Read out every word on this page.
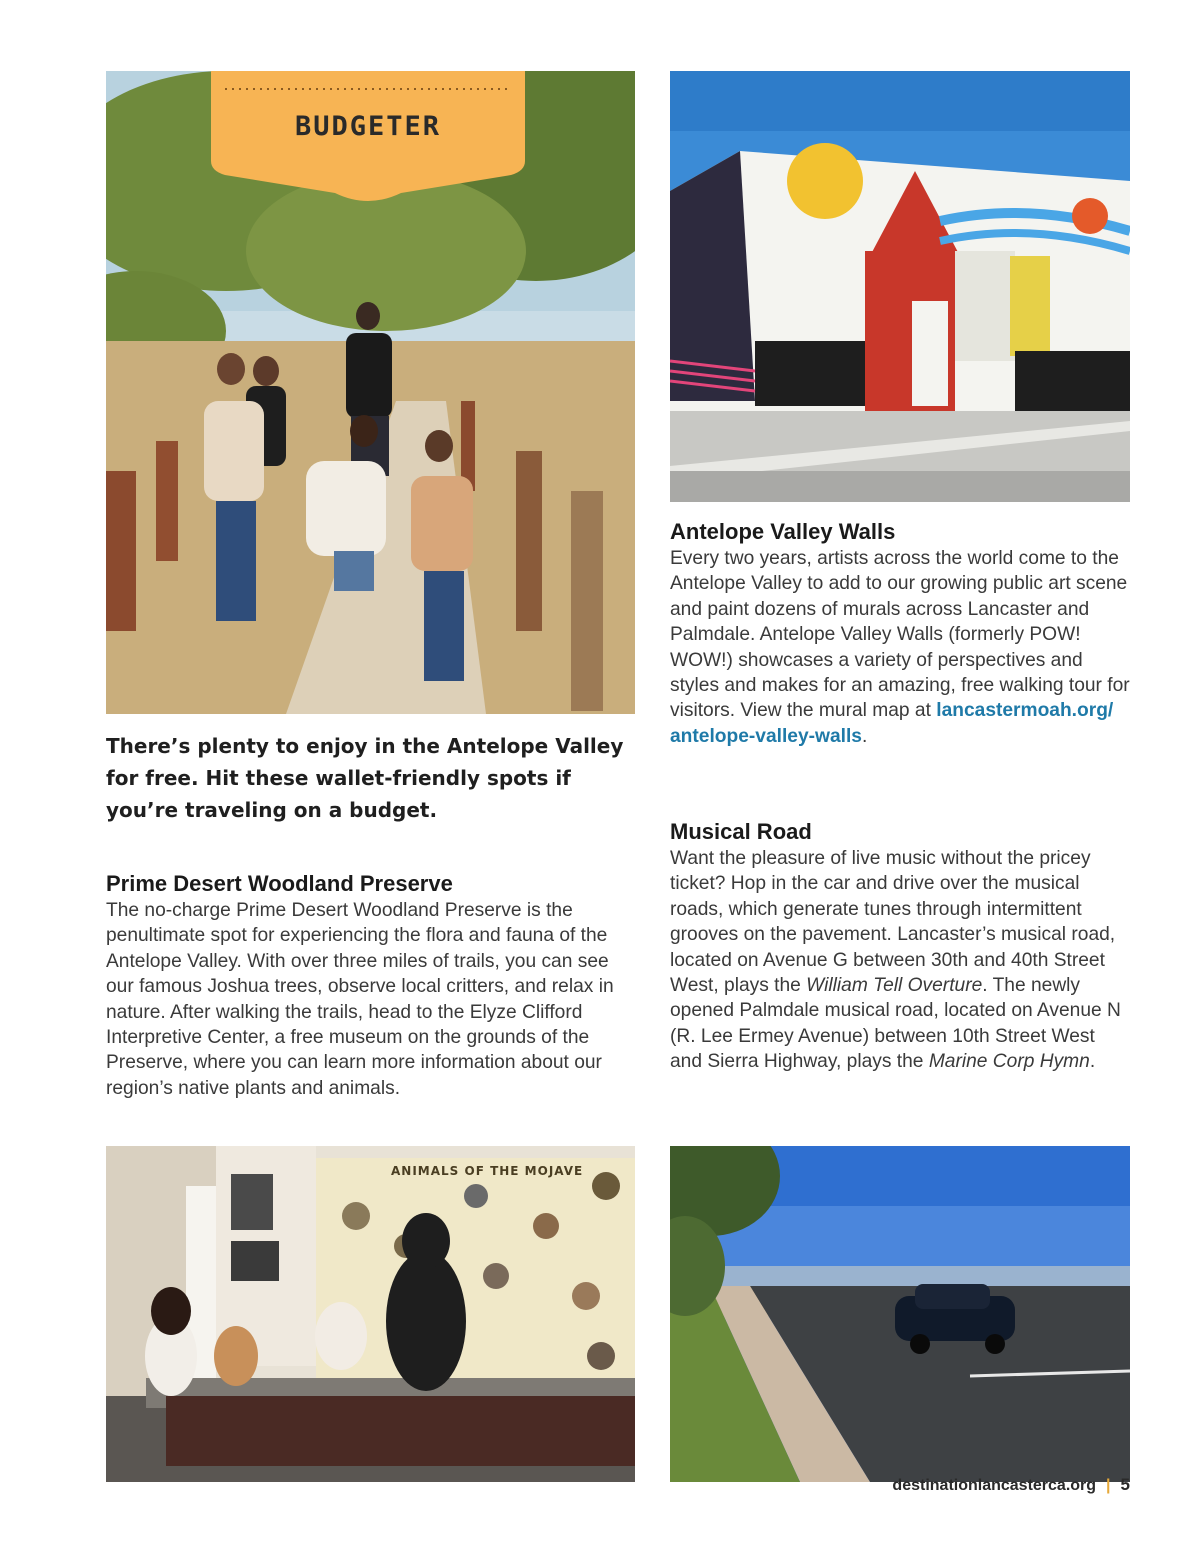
BUDGETER
There’s plenty to enjoy in the Antelope Valley for free. Hit these wallet-friendly spots if you’re traveling on a budget.
Antelope Valley Walls
Every two years, artists across the world come to the Antelope Valley to add to our growing public art scene and paint dozens of murals across Lancaster and Palmdale. Antelope Valley Walls (formerly POW! WOW!) showcases a variety of perspectives and styles and makes for an amazing, free walking tour for visitors. View the mural map at lancastermoah.org/ antelope-valley-walls.
Musical Road
Want the pleasure of live music without the pricey ticket? Hop in the car and drive over the musical roads, which generate tunes through intermittent grooves on the pavement. Lancaster’s musical road, located on Avenue G between 30th and 40th Street West, plays the William Tell Overture. The newly opened Palmdale musical road, located on Avenue N (R. Lee Ermey Avenue) between 10th Street West and Sierra Highway, plays the Marine Corp Hymn.
Prime Desert Woodland Preserve
The no-charge Prime Desert Woodland Preserve is the penultimate spot for experiencing the flora and fauna of the Antelope Valley. With over three miles of trails, you can see our famous Joshua trees, observe local critters, and relax in nature. After walking the trails, head to the Elyze Clifford Interpretive Center, a free museum on the grounds of the Preserve, where you can learn more information about our region’s native plants and animals.
ANIMALS OF THE MOJAVE
destinationlancasterca.org | 5
